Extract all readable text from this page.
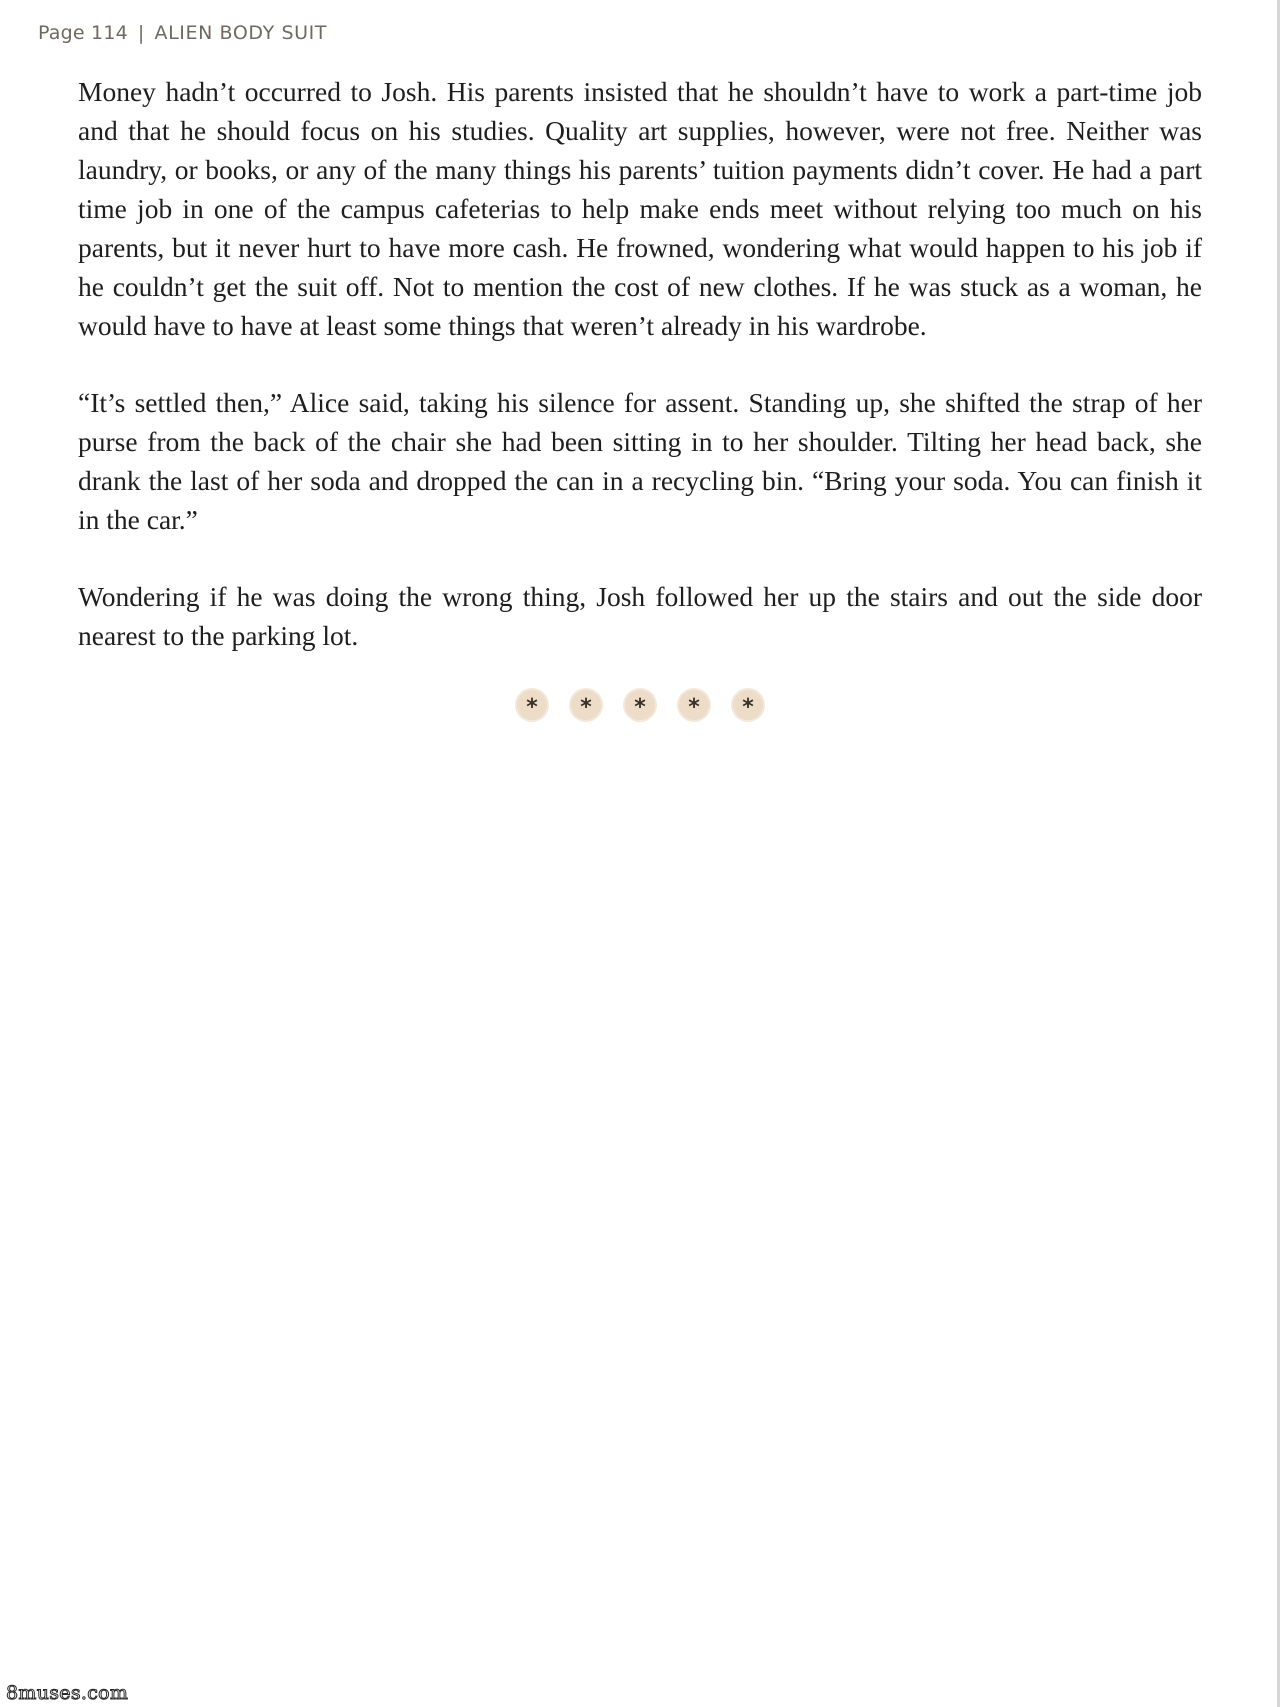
Page 114 | ALIEN BODY SUIT

Money hadn’t occurred to Josh. His parents insisted that he shouldn’t have to work a part-time job and that he should focus on his studies. Quality art supplies, however, were not free. Neither was laundry, or books, or any of the many things his parents’ tuition payments didn’t cover. He had a part time job in one of the campus cafeterias to help make ends meet without relying too much on his parents, but it never hurt to have more cash. He frowned, wondering what would happen to his job if he couldn’t get the suit off. Not to mention the cost of new clothes. If he was stuck as a woman, he would have to have at least some things that weren’t already in his wardrobe.

“It’s settled then,” Alice said, taking his silence for assent. Standing up, she shifted the strap of her purse from the back of the chair she had been sitting in to her shoulder. Tilting her head back, she drank the last of her soda and dropped the can in a recycling bin. “Bring your soda. You can finish it in the car.”

Wondering if he was doing the wrong thing, Josh followed her up the stairs and out the side door nearest to the parking lot.

*	*	*	*	*
8muses.com
